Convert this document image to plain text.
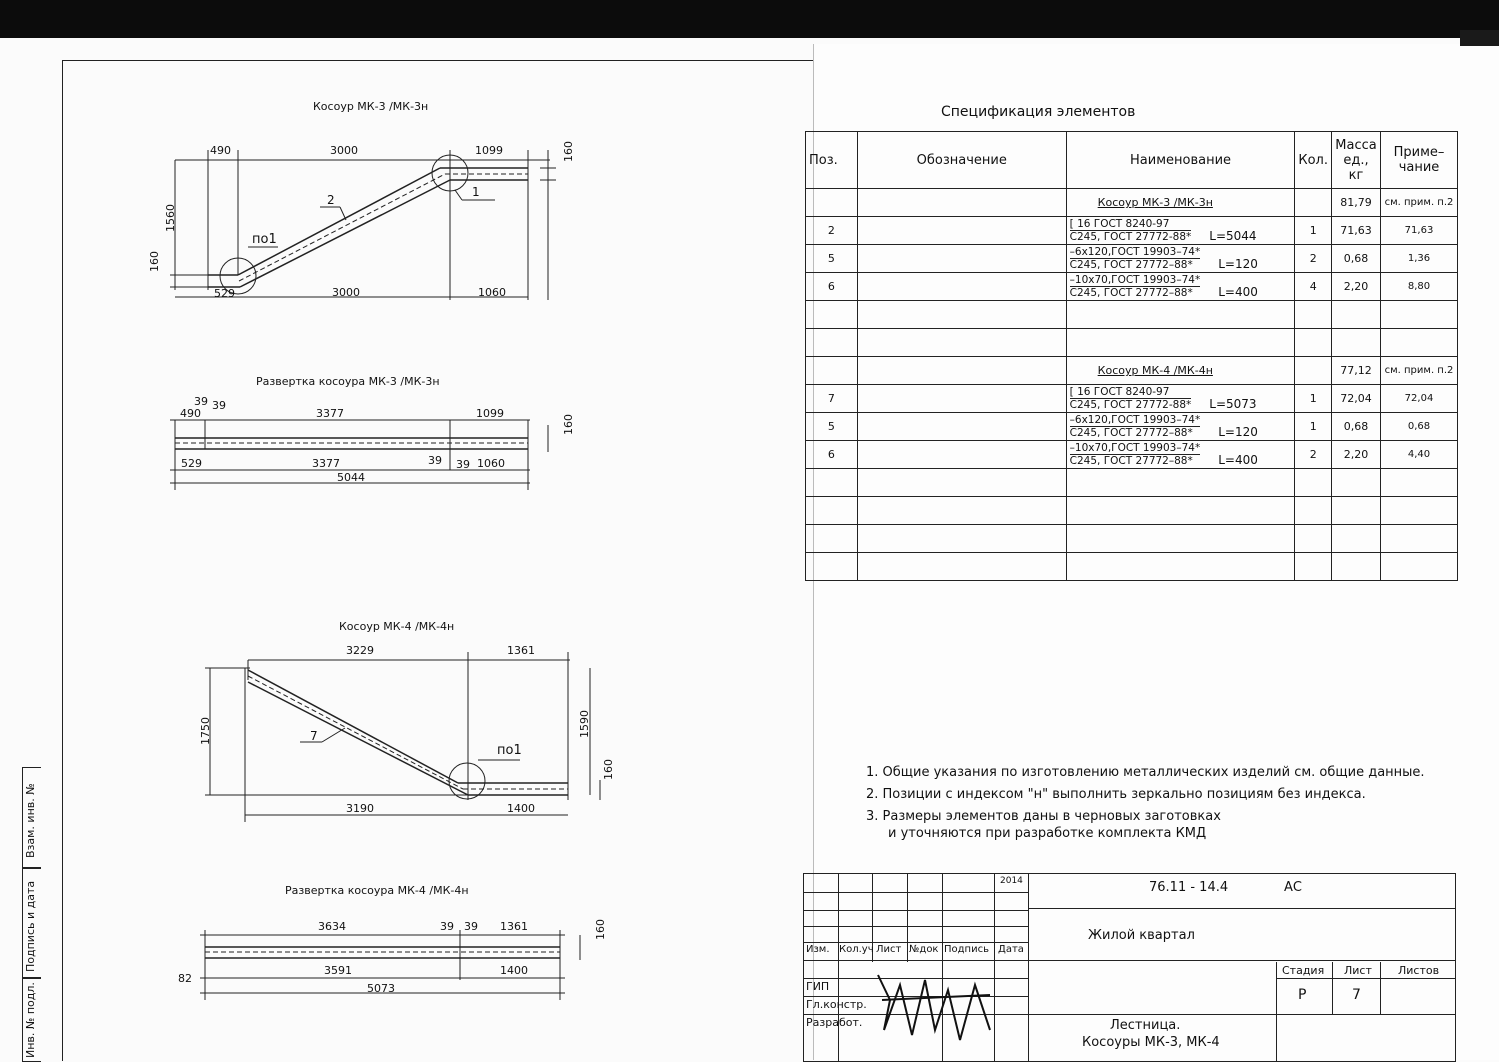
Косоур МК-3 /МК-3н
490	3000	1099	160
1560
160
529	3000	1060
2
1
по1
Развертка косоура МК-3 /МК-3н
39 39
490	3377	1099
160
529	3377	39 39 1060
5044
Косоур МК-4 /МК-4н
3229	1361
1750	1590
160
3190	1400
7
по1
Развертка косоура МК-4 /МК-4н
3634	39 39 1361	160
82
3591	1400
5073
Взам. инв. №
Подпись и дата
Инв. № подл.
Спецификация элементов
Поз.	Обозначение	Наименование	Кол.	Масса ед., кг	Приме– чание
		Косоур МК-3 /МК-3н		81,79	см. прим. п.2
2		$\frac{\text{[ 16 ГОСТ 8240-97}}{\text{С245, ГОСТ 27772-88*}} L=5044$	1	71,63	71,63
5		$\frac{\text{–6x120,ГОСТ 19903–74*}}{\text{С245, ГОСТ 27772–88*}} L=120$	2	0,68	1,36
6		$\frac{\text{–10x70,ГОСТ 19903–74*}}{\text{С245, ГОСТ 27772–88*}} L=400$	4	2,20	8,80

		Косоур МК-4 /МК-4н		77,12	см. прим. п.2
7		$\frac{\text{[ 16 ГОСТ 8240-97}}{\text{С245, ГОСТ 27772-88*}} L=5073$	1	72,04	72,04
5		$\frac{\text{–6x120,ГОСТ 19903–74*}}{\text{С245, ГОСТ 27772–88*}} L=120$	1	0,68	0,68
6		$\frac{\text{–10x70,ГОСТ 19903–74*}}{\text{С245, ГОСТ 27772–88*}} L=400$	2	2,20	4,40

1. Общие указания по изготовлению металлических изделий см. общие данные.

2. Позиции с индексом "н" выполнить зеркально позициям без индекса.

3. Размеры элементов даны в черновых заготовках

и уточняются при разработке комплекта КМД

2014	76.11 - 14.4	АС
Жилой квартал
Изм. Кол.уч Лист №док Подпись Дата
ГИП
Гл.констр.
Разработ.
Стадия Лист Листов
Р	7
Лестница.
Косоуры МК-3, МК-4
